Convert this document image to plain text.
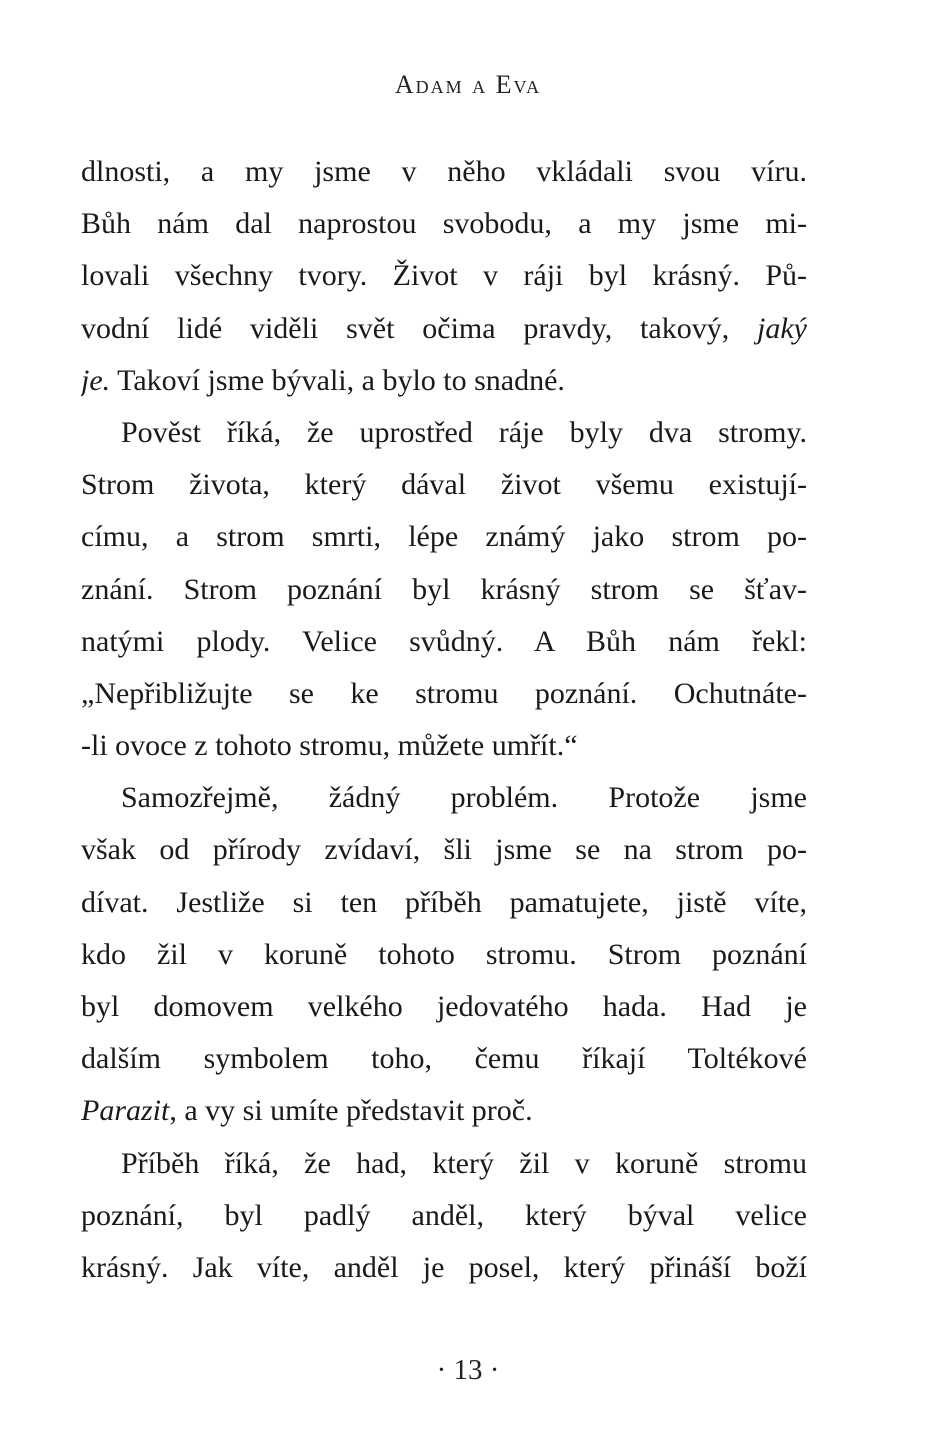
Adam a Eva
dlnosti, a my jsme v něho vkládali svou víru.
Bůh nám dal naprostou svobodu, a my jsme mi-
lovali všechny tvory. Život v ráji byl krásný. Pů-
vodní lidé viděli svět očima pravdy, takový, jaký
je. Takoví jsme bývali, a bylo to snadné.
Pověst říká, že uprostřed ráje byly dva stromy.
Strom života, který dával život všemu existují-
címu, a strom smrti, lépe známý jako strom po-
znání. Strom poznání byl krásný strom se šťav-
natými plody. Velice svůdný. A Bůh nám řekl:
„Nepřibližujte se ke stromu poznání. Ochutnáte-
-li ovoce z tohoto stromu, můžete umřít.“
Samozřejmě, žádný problém. Protože jsme
však od přírody zvídaví, šli jsme se na strom po-
dívat. Jestliže si ten příběh pamatujete, jistě víte,
kdo žil v koruně tohoto stromu. Strom poznání
byl domovem velkého jedovatého hada. Had je
dalším symbolem toho, čemu říkají Toltékové
Parazit, a vy si umíte představit proč.
Příběh říká, že had, který žil v koruně stromu
poznání, byl padlý anděl, který býval velice
krásný. Jak víte, anděl je posel, který přináší boží
· 13 ·
